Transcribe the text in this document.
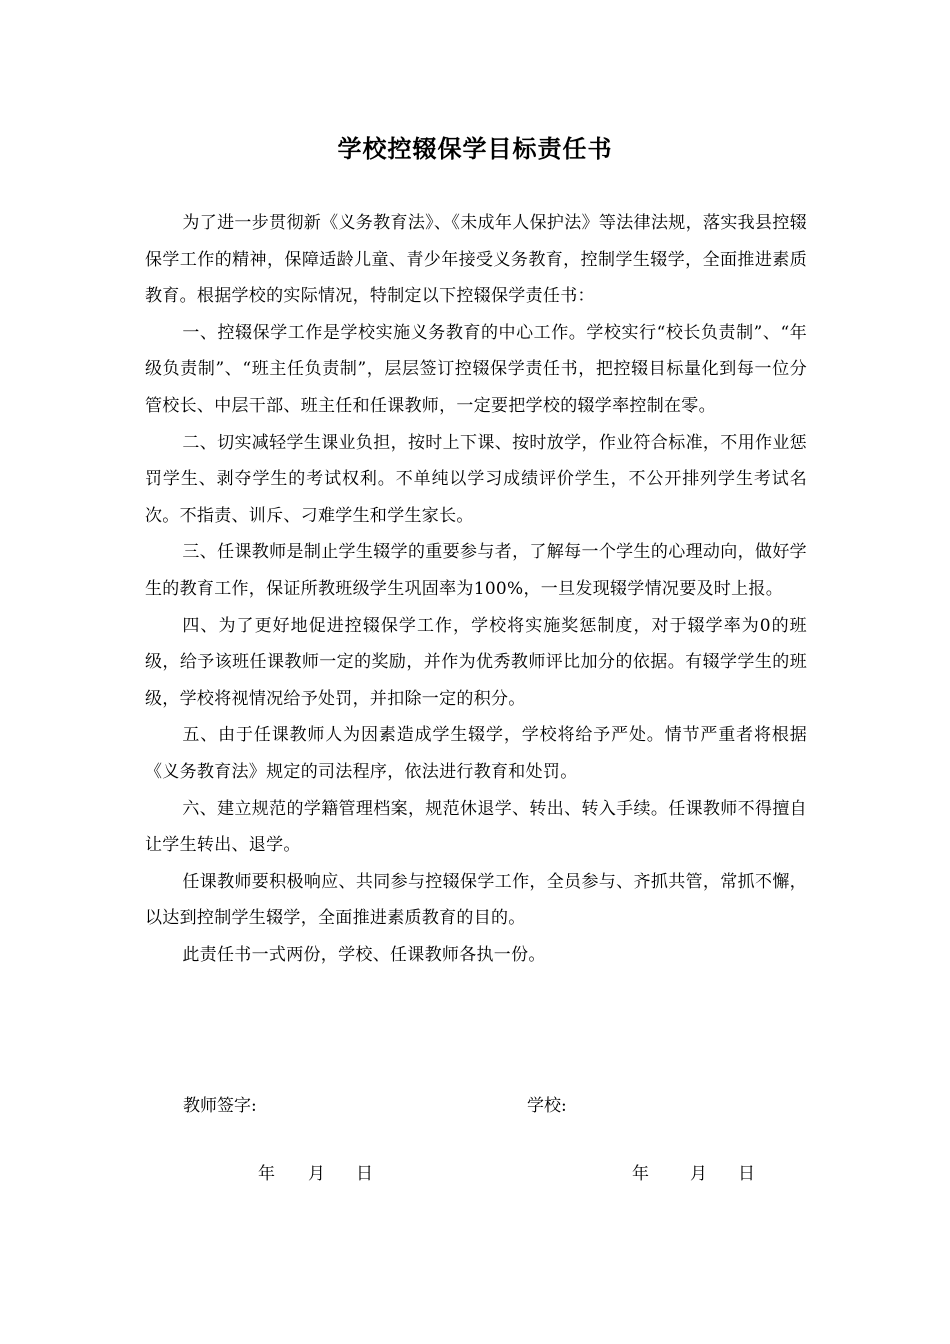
学校控辍保学目标责任书

为了进一步贯彻新《义务教育法》、《未成年人保护法》等法律法规，落实我县控辍保学工作的精神，保障适龄儿童、青少年接受义务教育，控制学生辍学，全面推进素质教育。根据学校的实际情况，特制定以下控辍保学责任书：

一、控辍保学工作是学校实施义务教育的中心工作。学校实行“校长负责制”、“年级负责制”、“班主任负责制”，层层签订控辍保学责任书，把控辍目标量化到每一位分管校长、中层干部、班主任和任课教师，一定要把学校的辍学率控制在零。

二、切实减轻学生课业负担，按时上下课、按时放学，作业符合标准，不用作业惩罚学生、剥夺学生的考试权利。不单纯以学习成绩评价学生，不公开排列学生考试名次。不指责、训斥、刁难学生和学生家长。

三、任课教师是制止学生辍学的重要参与者，了解每一个学生的心理动向，做好学生的教育工作，保证所教班级学生巩固率为100%，一旦发现辍学情况要及时上报。

四、为了更好地促进控辍保学工作，学校将实施奖惩制度，对于辍学率为0的班级，给予该班任课教师一定的奖励，并作为优秀教师评比加分的依据。有辍学学生的班级，学校将视情况给予处罚，并扣除一定的积分。

五、由于任课教师人为因素造成学生辍学，学校将给予严处。情节严重者将根据《义务教育法》规定的司法程序，依法进行教育和处罚。

六、建立规范的学籍管理档案，规范休退学、转出、转入手续。任课教师不得擅自让学生转出、退学。

任课教师要积极响应、共同参与控辍保学工作，全员参与、齐抓共管，常抓不懈，以达到控制学生辍学，全面推进素质教育的目的。

此责任书一式两份，学校、任课教师各执一份。

教师签字:	学校:
年 月 日	年 月 日
